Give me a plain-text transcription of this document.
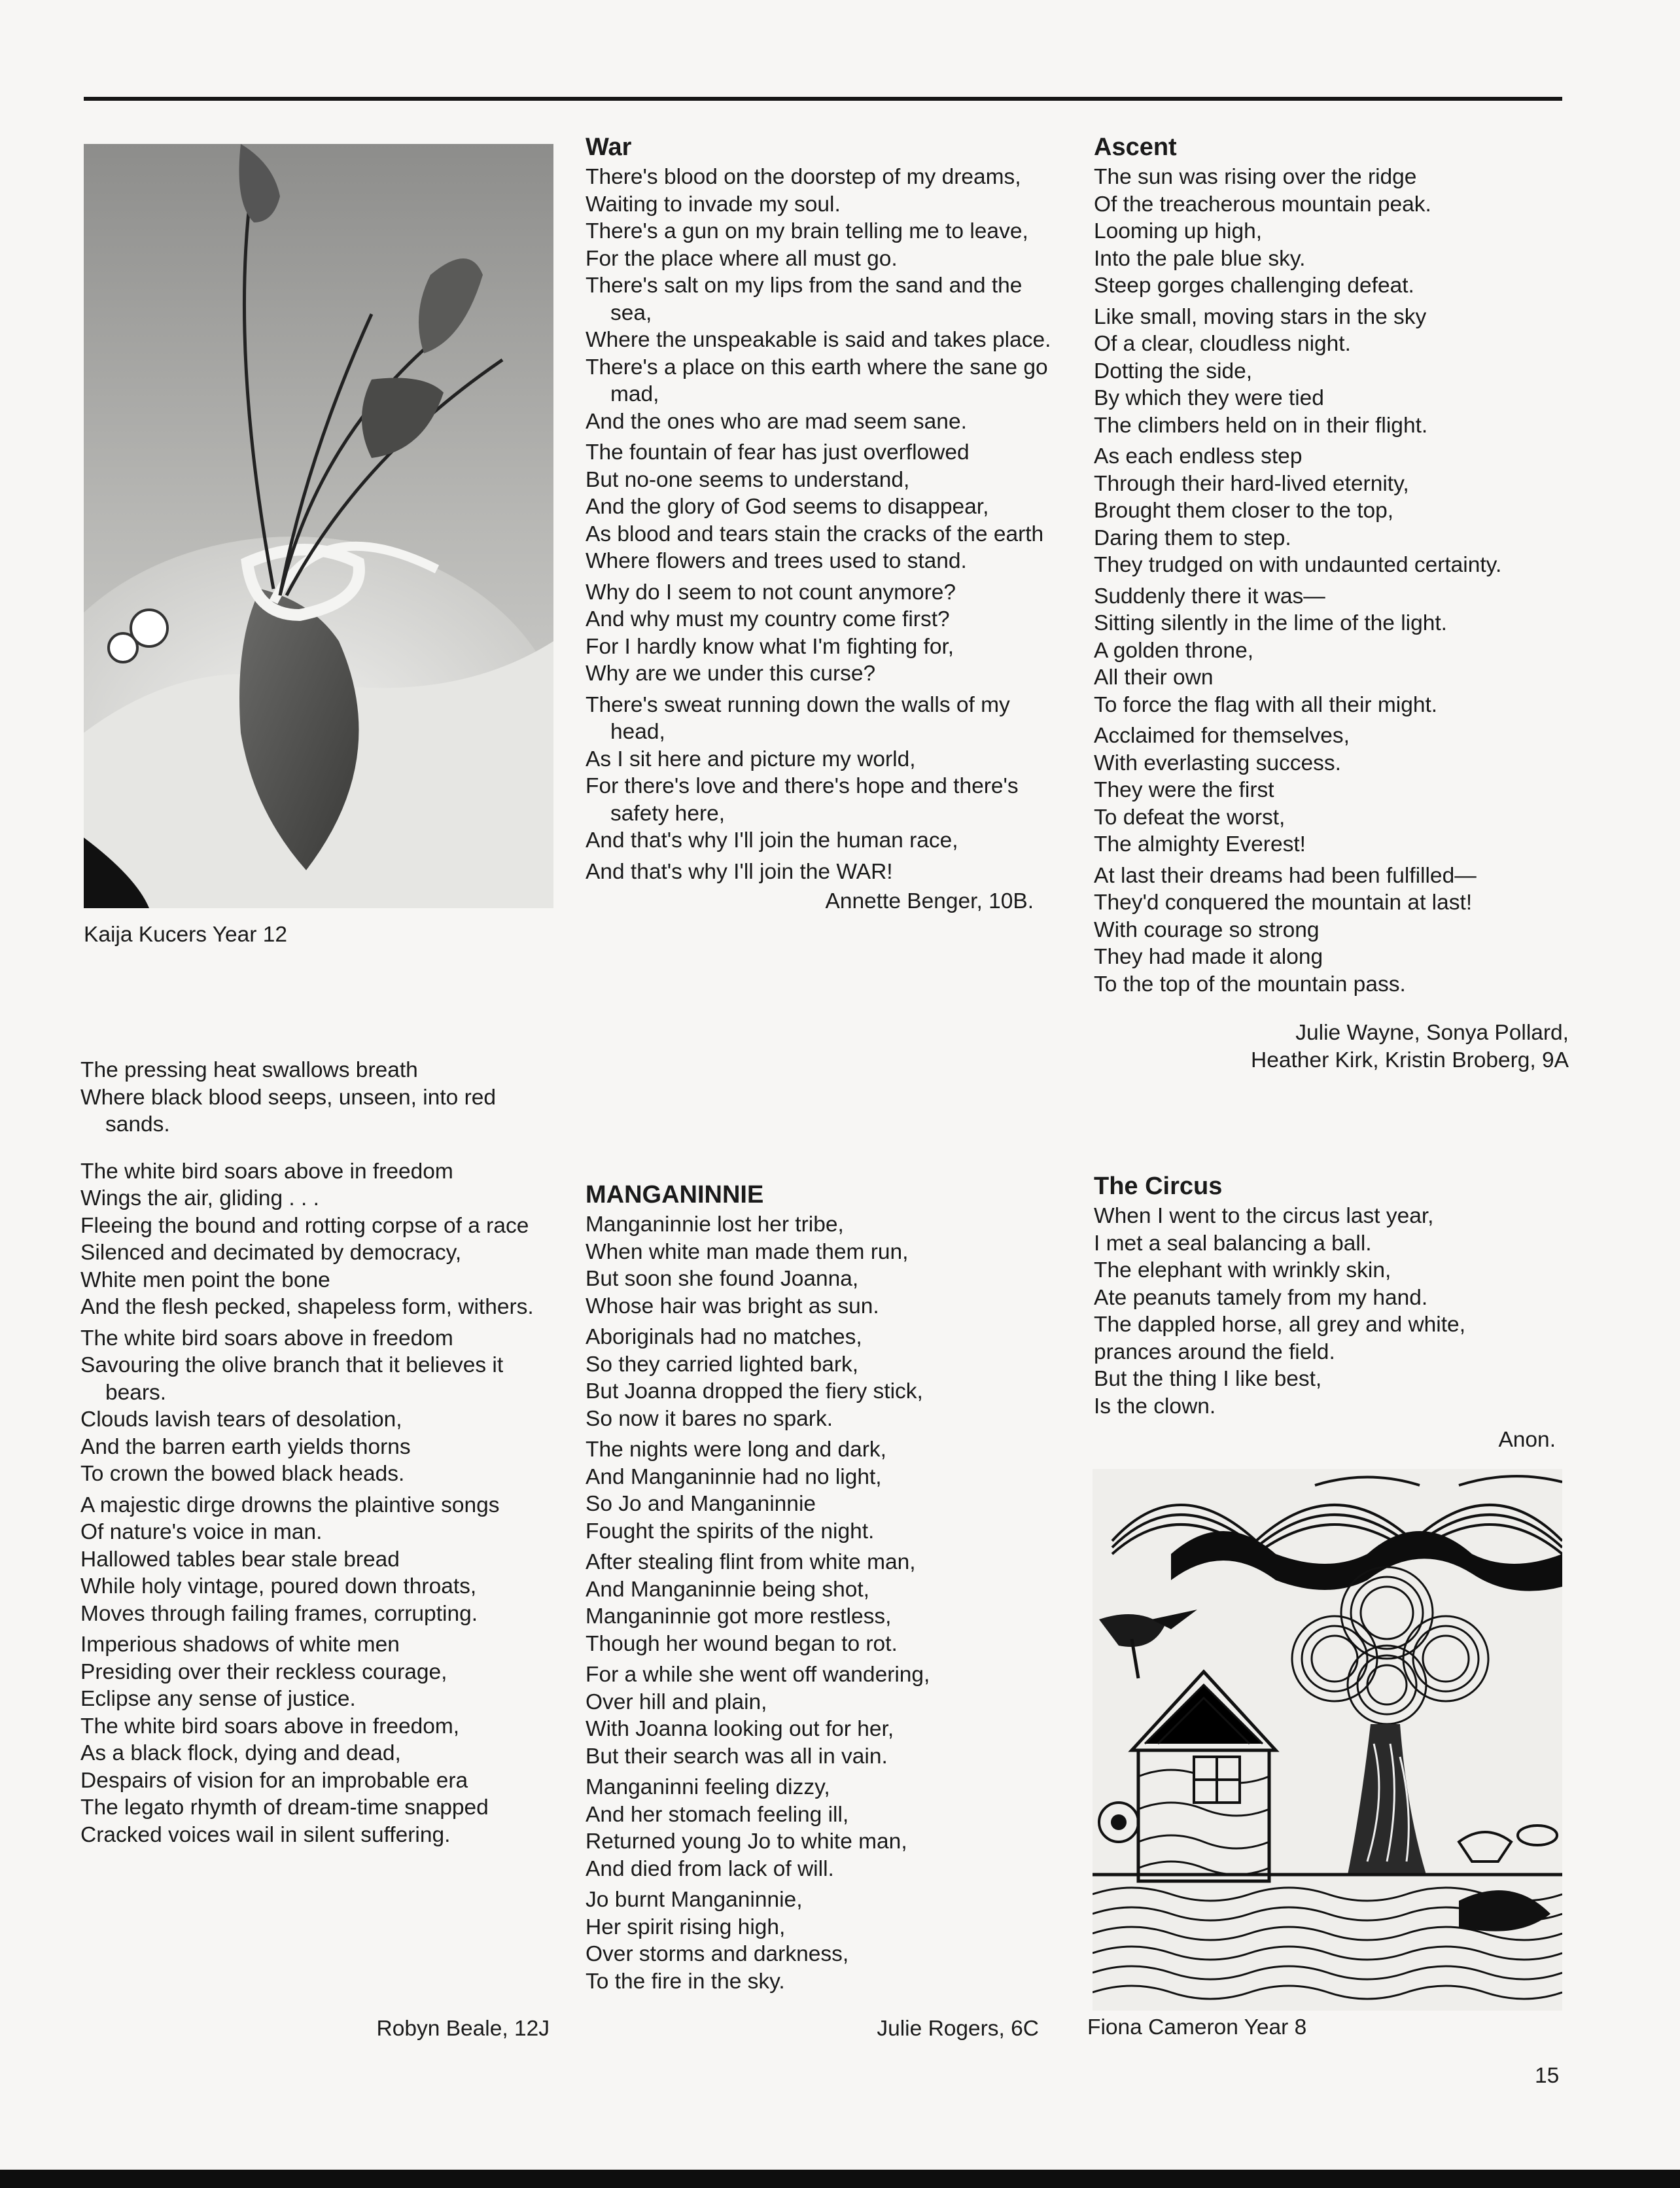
Kaija Kucers Year 12
The pressing heat swallows breath
Where black blood seeps, unseen, into red sands.
The white bird soars above in freedom
Wings the air, gliding . . .
Fleeing the bound and rotting corpse of a race
Silenced and decimated by democracy,
White men point the bone
And the flesh pecked, shapeless form, withers.
The white bird soars above in freedom
Savouring the olive branch that it believes it bears.
Clouds lavish tears of desolation,
And the barren earth yields thorns
To crown the bowed black heads.
A majestic dirge drowns the plaintive songs
Of nature's voice in man.
Hallowed tables bear stale bread
While holy vintage, poured down throats,
Moves through failing frames, corrupting.
Imperious shadows of white men
Presiding over their reckless courage,
Eclipse any sense of justice.
The white bird soars above in freedom,
As a black flock, dying and dead,
Despairs of vision for an improbable era
The legato rhymth of dream-time snapped
Cracked voices wail in silent suffering.
Robyn Beale, 12J
War
There's blood on the doorstep of my dreams,
Waiting to invade my soul.
There's a gun on my brain telling me to leave,
For the place where all must go.
There's salt on my lips from the sand and the sea,
Where the unspeakable is said and takes place.
There's a place on this earth where the sane go mad,
And the ones who are mad seem sane.
The fountain of fear has just overflowed
But no-one seems to understand,
And the glory of God seems to disappear,
As blood and tears stain the cracks of the earth
Where flowers and trees used to stand.
Why do I seem to not count anymore?
And why must my country come first?
For I hardly know what I'm fighting for,
Why are we under this curse?
There's sweat running down the walls of my head,
As I sit here and picture my world,
For there's love and there's hope and there's safety here,
And that's why I'll join the human race,
And that's why I'll join the WAR!
Annette Benger, 10B.
MANGANINNIE
Manganinnie lost her tribe,
When white man made them run,
But soon she found Joanna,
Whose hair was bright as sun.
Aboriginals had no matches,
So they carried lighted bark,
But Joanna dropped the fiery stick,
So now it bares no spark.
The nights were long and dark,
And Manganinnie had no light,
So Jo and Manganinnie
Fought the spirits of the night.
After stealing flint from white man,
And Manganinnie being shot,
Manganinnie got more restless,
Though her wound began to rot.
For a while she went off wandering,
Over hill and plain,
With Joanna looking out for her,
But their search was all in vain.
Manganinni feeling dizzy,
And her stomach feeling ill,
Returned young Jo to white man,
And died from lack of will.
Jo burnt Manganinnie,
Her spirit rising high,
Over storms and darkness,
To the fire in the sky.
Julie Rogers, 6C
Ascent
The sun was rising over the ridge
Of the treacherous mountain peak.
Looming up high,
Into the pale blue sky.
Steep gorges challenging defeat.
Like small, moving stars in the sky
Of a clear, cloudless night.
Dotting the side,
By which they were tied
The climbers held on in their flight.
As each endless step
Through their hard-lived eternity,
Brought them closer to the top,
Daring them to step.
They trudged on with undaunted certainty.
Suddenly there it was—
Sitting silently in the lime of the light.
A golden throne,
All their own
To force the flag with all their might.
Acclaimed for themselves,
With everlasting success.
They were the first
To defeat the worst,
The almighty Everest!
At last their dreams had been fulfilled—
They'd conquered the mountain at last!
With courage so strong
They had made it along
To the top of the mountain pass.
Julie Wayne, Sonya Pollard,
Heather Kirk, Kristin Broberg, 9A
The Circus
When I went to the circus last year,
I met a seal balancing a ball.
The elephant with wrinkly skin,
Ate peanuts tamely from my hand.
The dappled horse, all grey and white,
prances around the field.
But the thing I like best,
Is the clown.
Anon.
Fiona Cameron Year 8
15
